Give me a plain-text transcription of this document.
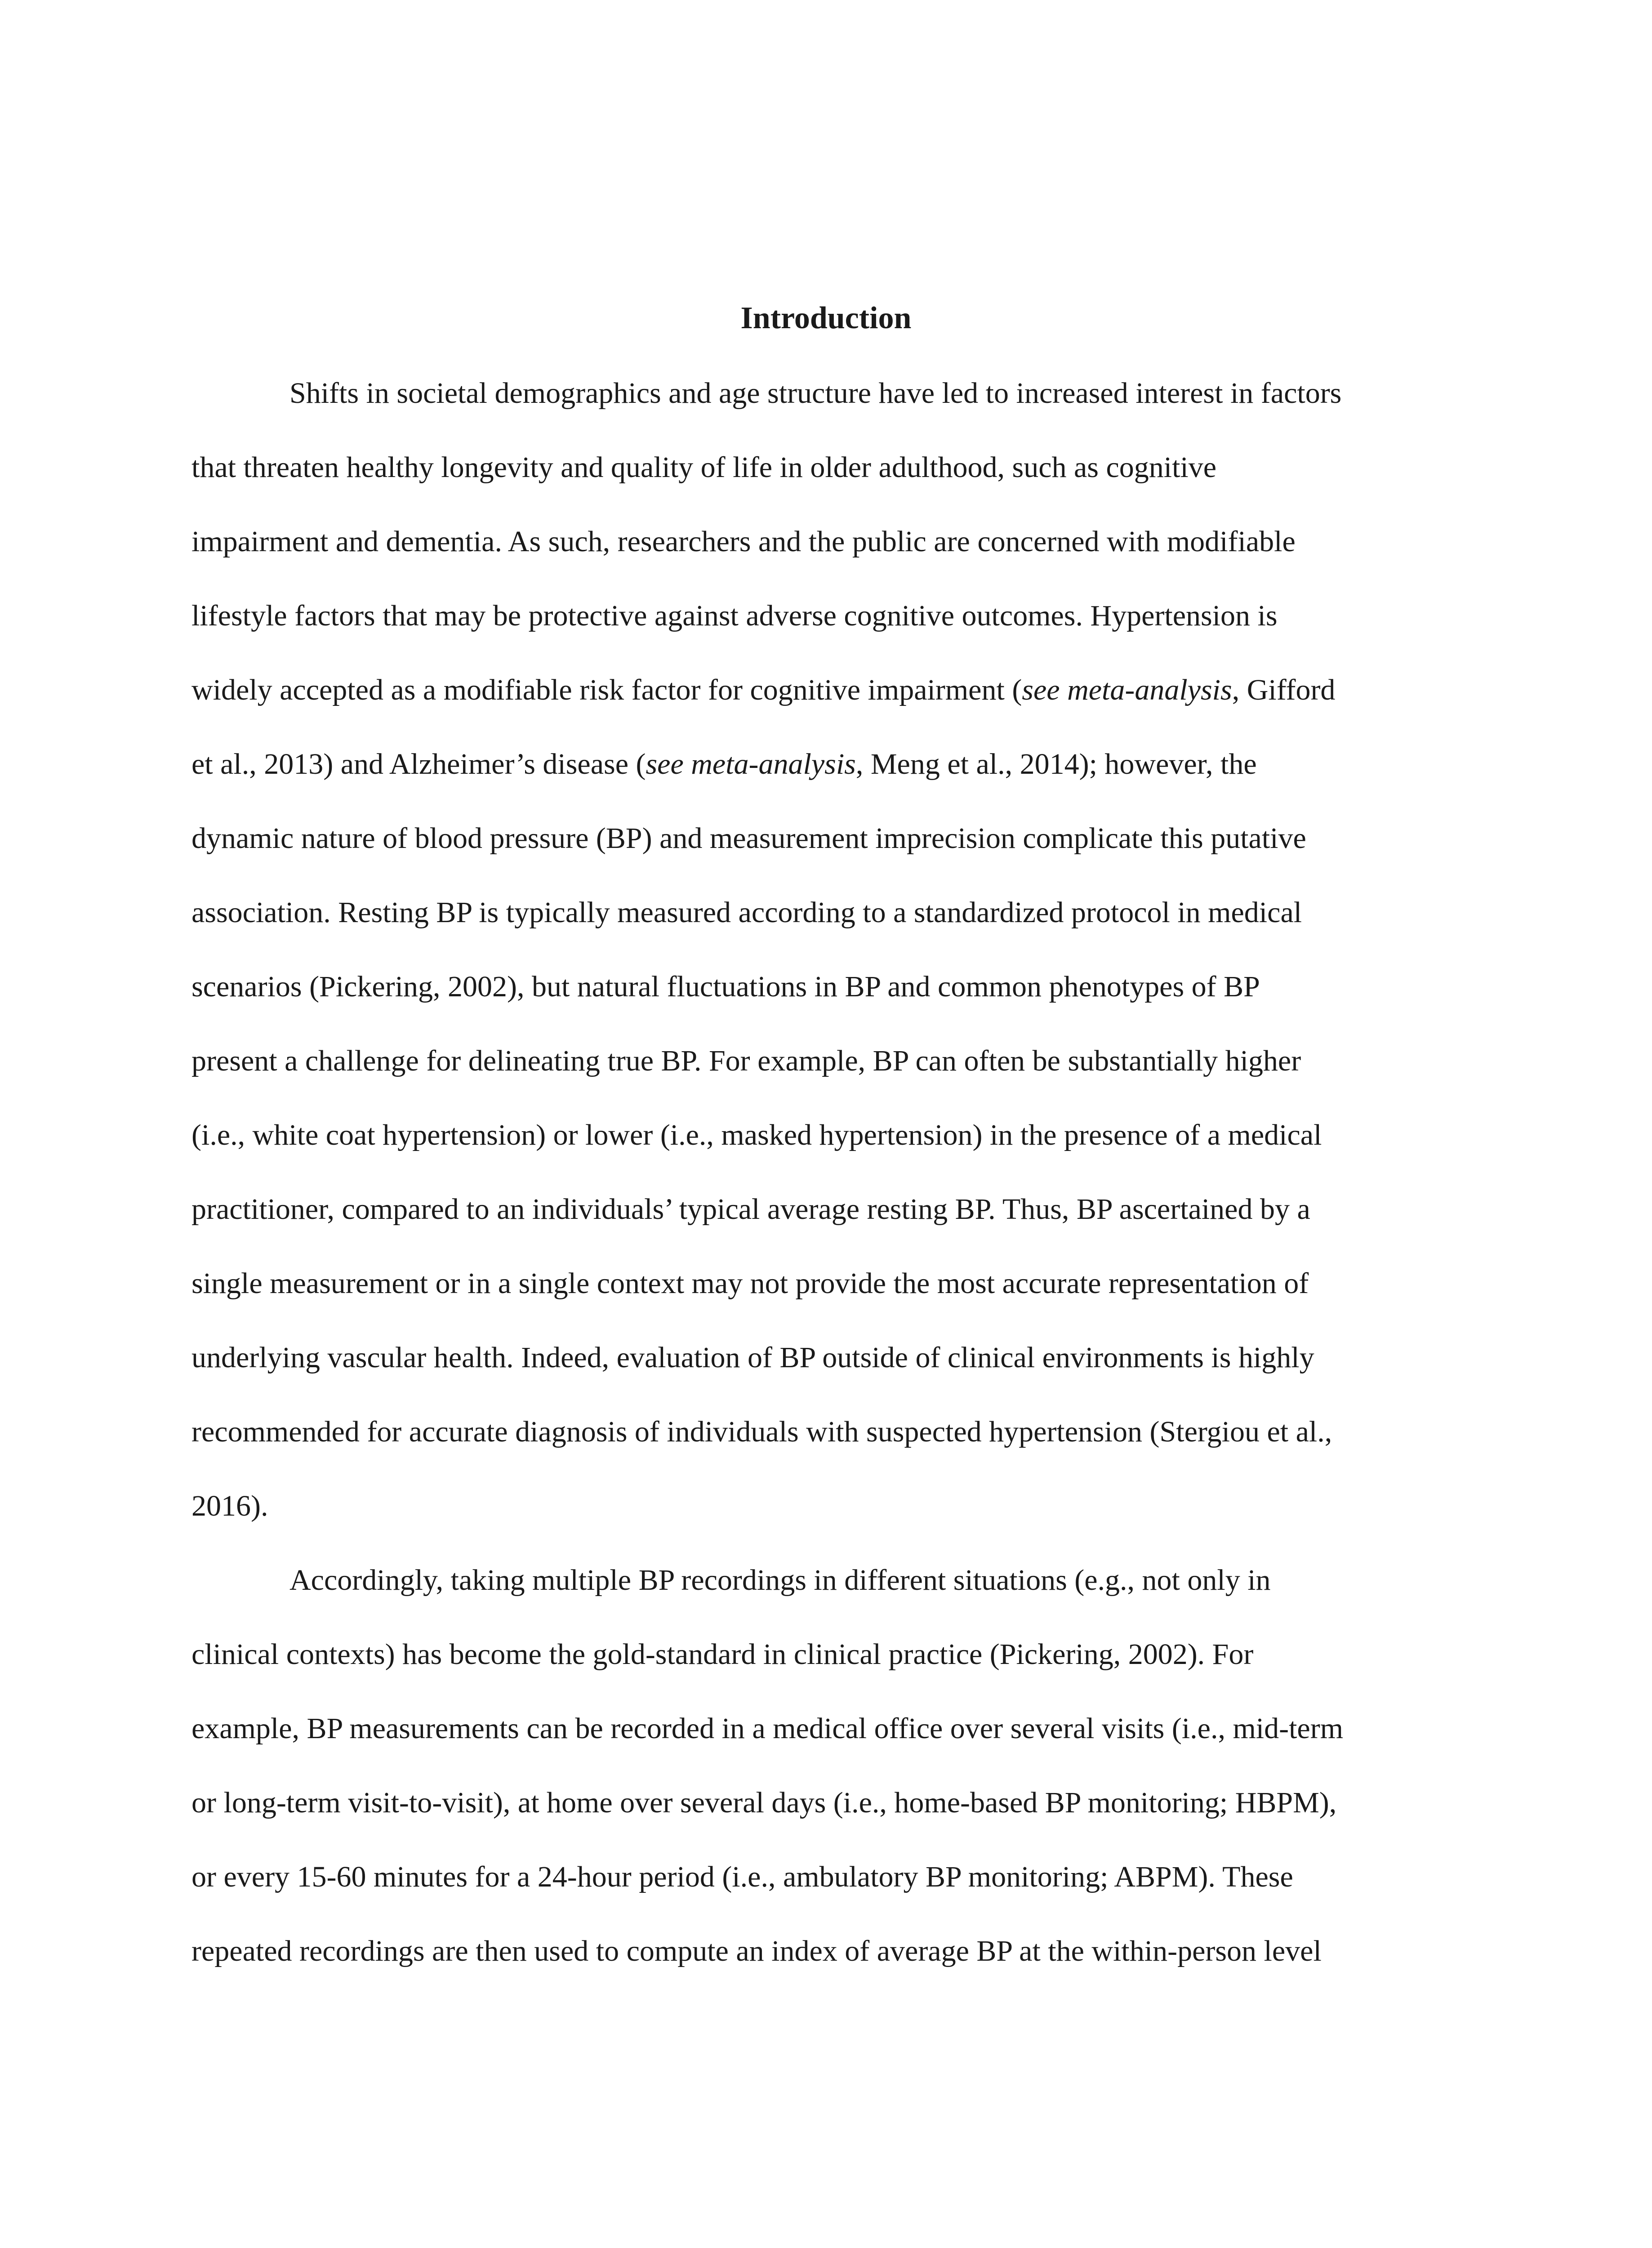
Introduction
Shifts in societal demographics and age structure have led to increased interest in factors
that threaten healthy longevity and quality of life in older adulthood, such as cognitive
impairment and dementia. As such, researchers and the public are concerned with modifiable
lifestyle factors that may be protective against adverse cognitive outcomes. Hypertension is
widely accepted as a modifiable risk factor for cognitive impairment (see meta-analysis, Gifford
et al., 2013) and Alzheimer’s disease (see meta-analysis, Meng et al., 2014); however, the
dynamic nature of blood pressure (BP) and measurement imprecision complicate this putative
association. Resting BP is typically measured according to a standardized protocol in medical
scenarios (Pickering, 2002), but natural fluctuations in BP and common phenotypes of BP
present a challenge for delineating true BP. For example, BP can often be substantially higher
(i.e., white coat hypertension) or lower (i.e., masked hypertension) in the presence of a medical
practitioner, compared to an individuals’ typical average resting BP. Thus, BP ascertained by a
single measurement or in a single context may not provide the most accurate representation of
underlying vascular health. Indeed, evaluation of BP outside of clinical environments is highly
recommended for accurate diagnosis of individuals with suspected hypertension (Stergiou et al.,
2016).
Accordingly, taking multiple BP recordings in different situations (e.g., not only in
clinical contexts) has become the gold-standard in clinical practice (Pickering, 2002). For
example, BP measurements can be recorded in a medical office over several visits (i.e., mid-term
or long-term visit-to-visit), at home over several days (i.e., home-based BP monitoring; HBPM),
or every 15-60 minutes for a 24-hour period (i.e., ambulatory BP monitoring; ABPM). These
repeated recordings are then used to compute an index of average BP at the within-person level
